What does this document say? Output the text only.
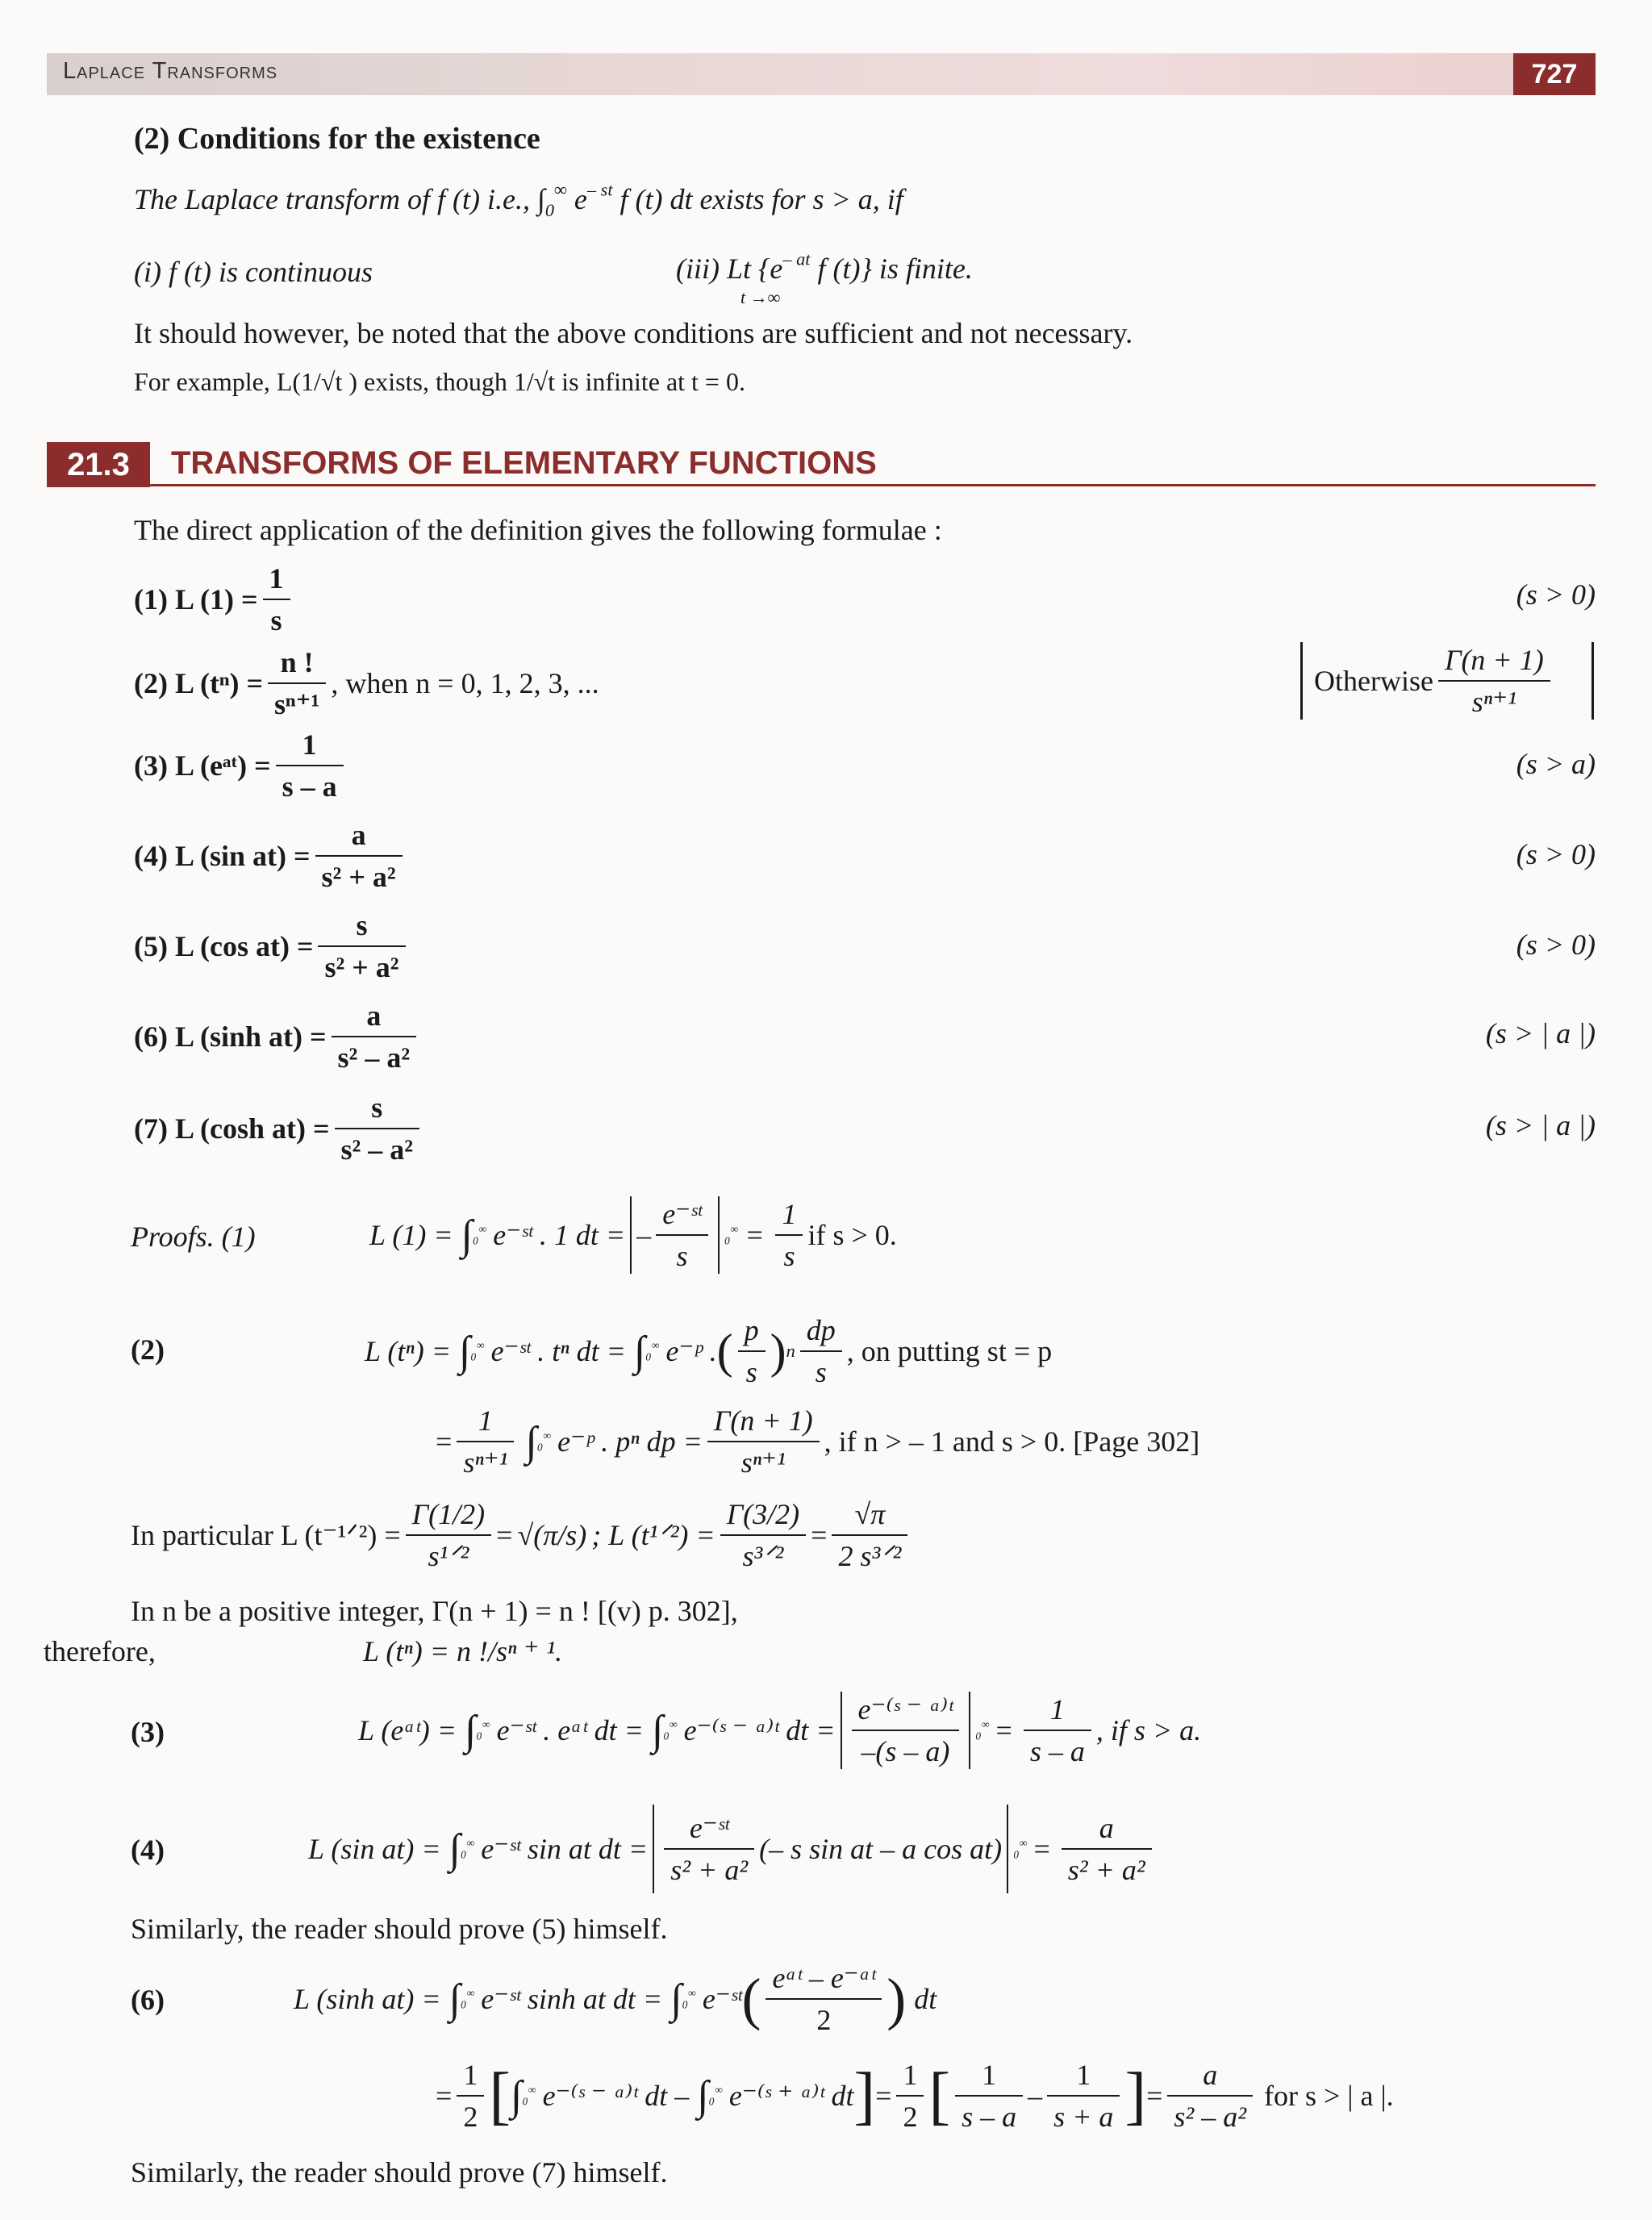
Laplace Transforms	727
(2) Conditions for the existence
The Laplace transform of f (t) i.e., $\int_0^\infty$ $e^{- st}$ f (t) dt exists for s > a, if
(i) f (t) is continuous	(iii) Lt {$e^{- at}$ f (t)} is finite.
t →∞
It should however, be noted that the above conditions are sufficient and not necessary.
For example, L(1/√t ) exists, though 1/√t is infinite at t = 0.
21.3	TRANSFORMS OF ELEMENTARY FUNCTIONS
The direct application of the definition gives the following formulae :
(1) L $(1) = \frac{1}{s}$	(s > 0)
(2) L $(t^n) = \frac{n !}{\text{sⁿ⁺¹}}$ , when n = 0, 1, 2, 3, ...	Otherwise $\frac{\Gamma(n + 1)}{\text{sⁿ⁺¹}}$
(3) L (eᵃᵗ) = $\frac{1}{s - a}$	(s > a)
(4) L (sin $at) = \frac{a}{\text{s² + a²}}$	(s > 0)
(5) L (cos $at) = \frac{s}{\text{s² + a²}}$	(s > 0)
(6) L (sinh $at) = \frac{a}{\text{s² – a²}}$	(s > | a |)
(7) L (cosh $at) = \frac{s}{\text{s² – a²}}$	(s > | a |)
Proofs. (1)	L (1) = ∫ ₀∞ e⁻ˢᵗ . 1 dt = – $\frac{\text{e⁻ˢᵗ}}{s} _0^\infty = \frac{1}{s}$ if s > 0.
(2)	L (tⁿ) = ∫ ₀∞ e⁻ˢᵗ . tⁿ dt = ∫ ₀∞ e⁻ᵖ . ( $\frac{p}{s}$ ) n $\frac{dp}{s}$ , on putting st = p
= $\frac{1}{\text{sⁿ⁺¹}}$ ∫ ₀∞ e⁻ᵖ . pⁿ dp = $\frac{\Gamma(n + 1)}{\text{sⁿ⁺¹}}$ , if n > – 1 and s > 0. [Page 302]
In particular L (t⁻¹ᐟ²) = $\frac{\Gamma(1/2)}{\text{s¹ᐟ²}} = √(\pi/s)$ ; L (t¹ᐟ²) = $\frac{\Gamma(3/2)}{\text{s³ᐟ²}} = \frac{√\pi}{\text{2 s³ᐟ²}}$
In n be a positive integer, Γ(n + 1) = n ! [(v) p. 302],
therefore,	L (tⁿ) = n !/sⁿ ⁺ ¹.
(3)	L (eᵃᵗ) = ∫ ₀∞ e⁻ˢᵗ . eᵃᵗ dt = ∫ ₀∞ e⁻⁽ˢ ⁻ ᵃ⁾ᵗ dt = $\frac{\text{e⁻⁽ˢ ⁻ ᵃ⁾ᵗ}}{-(s - a)} _0^\infty = \frac{1}{s - a}$ , if s > a.
(4)	L (sin at) = ∫ ₀∞ e⁻ˢᵗ sin at dt = $\frac{\text{e⁻ˢᵗ}}{\text{s² + a²}}$ (– s sin at – a cos at) $_0^\infty = \frac{a}{\text{s² + a²}}$
Similarly, the reader should prove (5) himself.
(6)	L (sinh at) = ∫ ₀∞ e⁻ˢᵗ sinh at dt = ∫ ₀∞ e⁻ˢᵗ ( $\frac{\text{eᵃᵗ – e⁻ᵃᵗ}}{2}$ ) dt
= $\frac{1}{2}$ [ ∫ ₀∞ e⁻⁽ˢ ⁻ ᵃ⁾ᵗ dt – ∫ ₀∞ e⁻⁽ˢ ⁺ ᵃ⁾ᵗ dt ] = $\frac{1}{2}$ [ $\frac{1}{s - a} - \frac{1}{s + a}$ ] = $\frac{a}{\text{s² – a²}}$ for s > | a |.
Similarly, the reader should prove (7) himself.
